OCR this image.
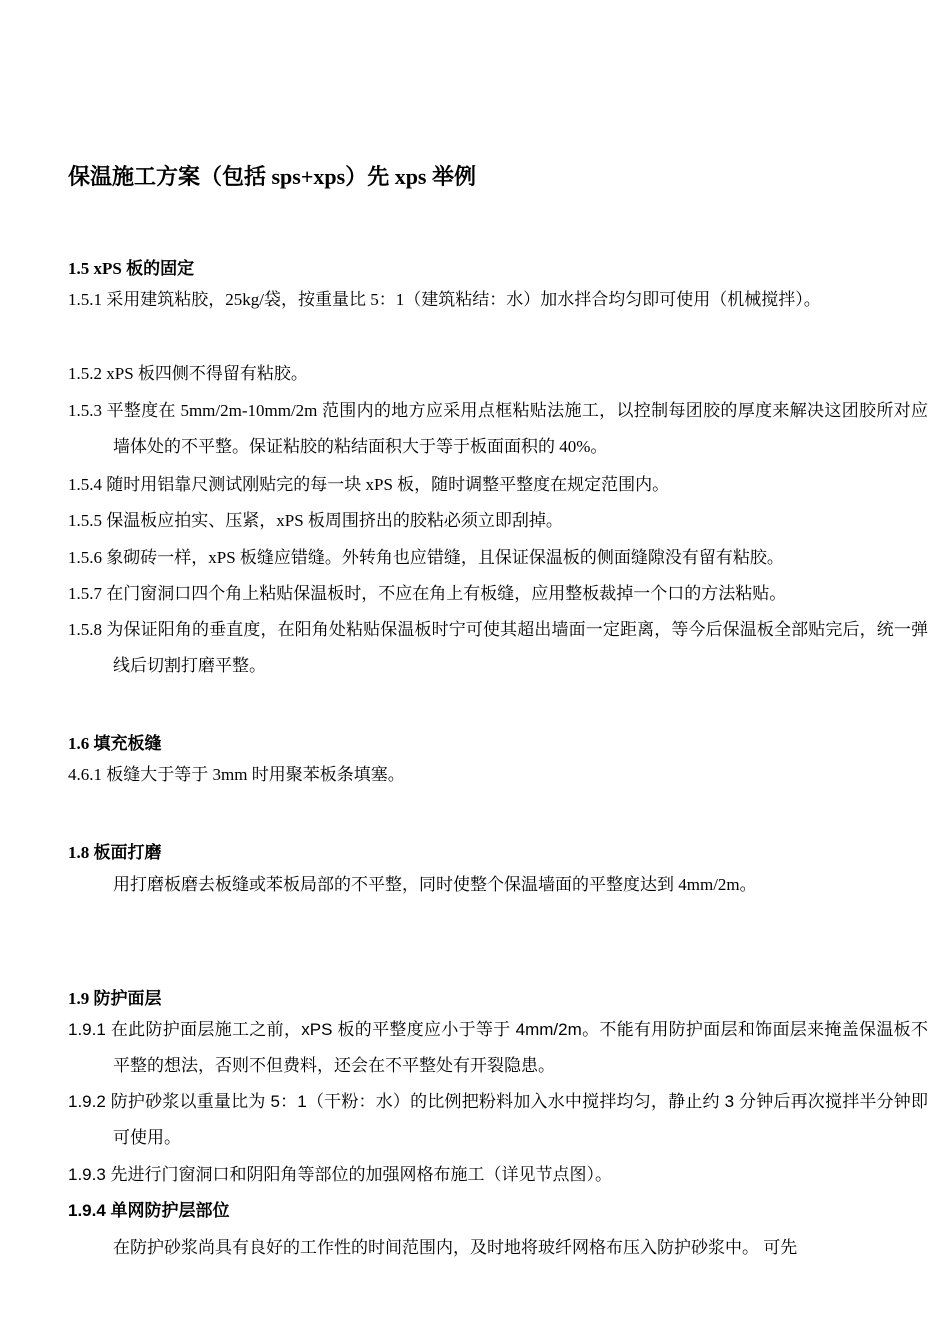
保温施工方案（包括 sps+xps）先 xps 举例
1.5 xPS 板的固定
1.5.1 采用建筑粘胶，25kg/袋，按重量比 5：1（建筑粘结：水）加水拌合均匀即可使用（机械搅拌）。
1.5.2 xPS 板四侧不得留有粘胶。
1.5.3 平整度在 5mm/2m-10mm/2m 范围内的地方应采用点框粘贴法施工，以控制每团胶的厚度来解决这团胶所对应墙体处的不平整。保证粘胶的粘结面积大于等于板面面积的 40%。
1.5.4 随时用铝靠尺测试刚贴完的每一块 xPS 板，随时调整平整度在规定范围内。
1.5.5 保温板应拍实、压紧，xPS 板周围挤出的胶粘必须立即刮掉。
1.5.6 象砌砖一样，xPS 板缝应错缝。外转角也应错缝，且保证保温板的侧面缝隙没有留有粘胶。
1.5.7 在门窗洞口四个角上粘贴保温板时，不应在角上有板缝，应用整板裁掉一个口的方法粘贴。
1.5.8 为保证阳角的垂直度，在阳角处粘贴保温板时宁可使其超出墙面一定距离，等今后保温板全部贴完后，统一弹线后切割打磨平整。
1.6 填充板缝
4.6.1 板缝大于等于 3mm 时用聚苯板条填塞。
1.8 板面打磨
用打磨板磨去板缝或苯板局部的不平整，同时使整个保温墙面的平整度达到 4mm/2m。
1.9 防护面层
1.9.1 在此防护面层施工之前，xPS 板的平整度应小于等于 4mm/2m。不能有用防护面层和饰面层来掩盖保温板不平整的想法，否则不但费料，还会在不平整处有开裂隐患。
1.9.2 防护砂浆以重量比为 5：1（干粉：水）的比例把粉料加入水中搅拌均匀，静止约 3 分钟后再次搅拌半分钟即可使用。
1.9.3 先进行门窗洞口和阴阳角等部位的加强网格布施工（详见节点图）。
1.9.4 单网防护层部位
在防护砂浆尚具有良好的工作性的时间范围内，及时地将玻纤网格布压入防护砂浆中。 可先
